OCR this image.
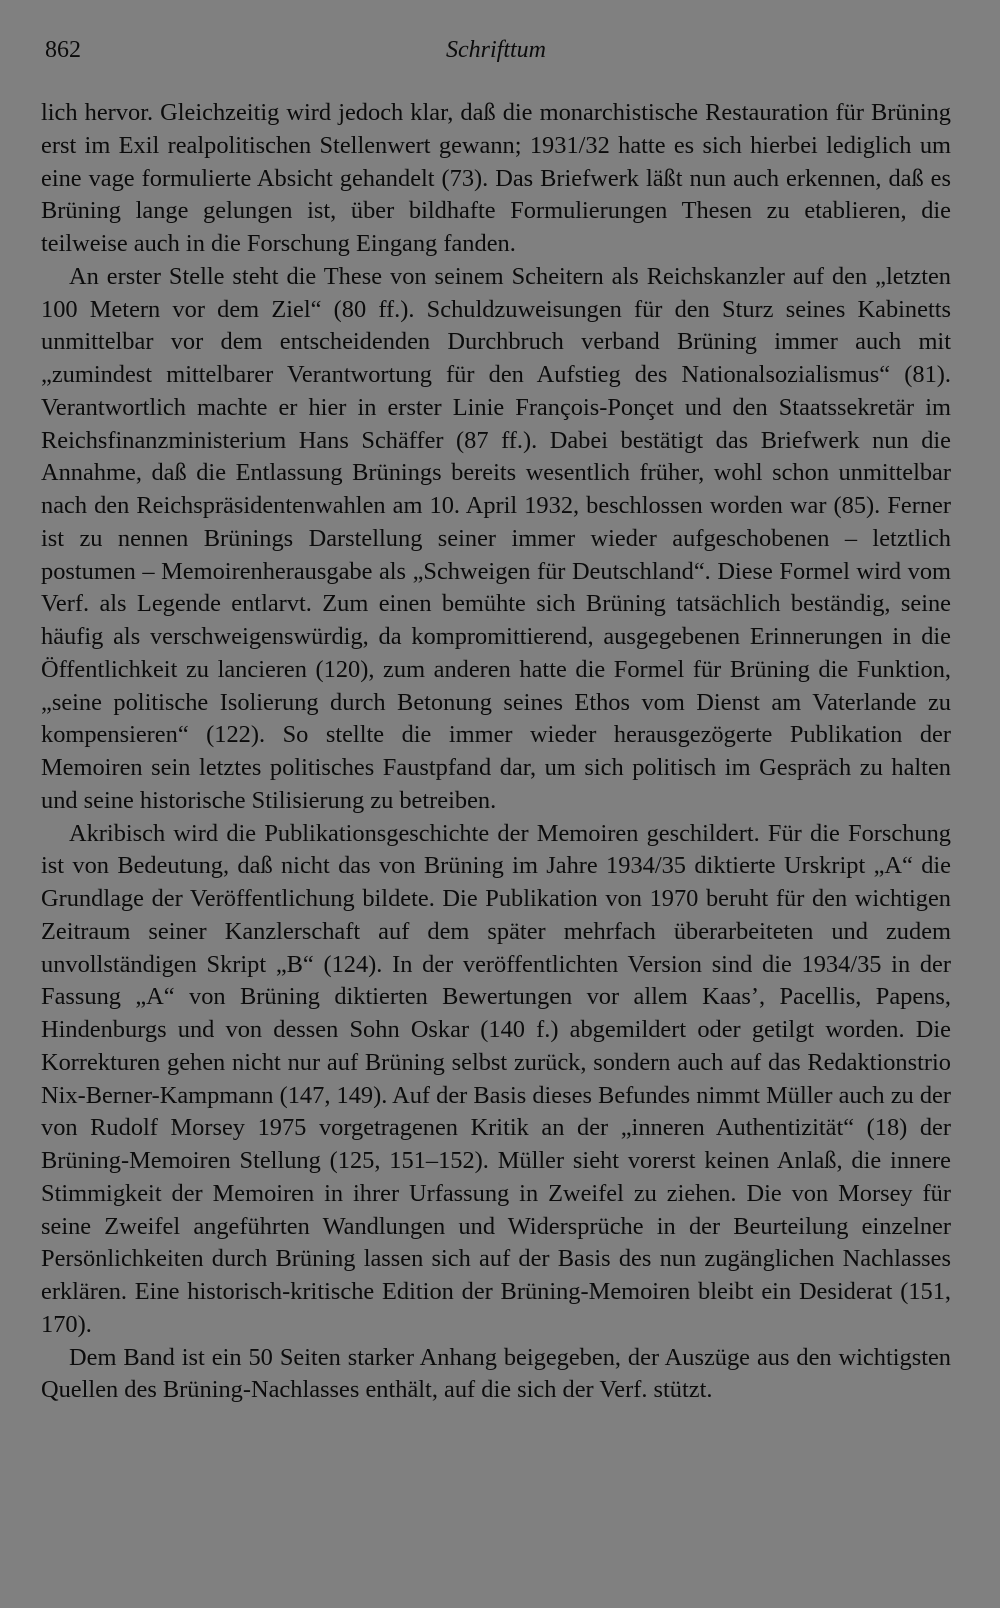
862	Schrifttum

lich hervor. Gleichzeitig wird jedoch klar, daß die monarchistische Restauration für Brüning erst im Exil realpolitischen Stellenwert gewann; 1931/32 hatte es sich hierbei lediglich um eine vage formulierte Absicht gehandelt (73). Das Briefwerk läßt nun auch erkennen, daß es Brüning lange gelungen ist, über bildhafte Formulierungen Thesen zu etablieren, die teilweise auch in die Forschung Eingang fanden.

An erster Stelle steht die These von seinem Scheitern als Reichskanzler auf den „letzten 100 Metern vor dem Ziel“ (80 ff.). Schuldzuweisungen für den Sturz seines Kabinetts unmittelbar vor dem entscheidenden Durchbruch verband Brüning immer auch mit „zumindest mittelbarer Verantwortung für den Aufstieg des Nationalsozialismus“ (81). Verantwortlich machte er hier in erster Linie François-Ponçet und den Staatssekretär im Reichsfinanzministerium Hans Schäffer (87 ff.). Dabei bestätigt das Briefwerk nun die Annahme, daß die Entlassung Brünings bereits wesentlich früher, wohl schon unmittelbar nach den Reichspräsidentenwahlen am 10. April 1932, beschlossen worden war (85). Ferner ist zu nennen Brünings Darstellung seiner immer wieder aufgeschobenen – letztlich postumen – Memoirenherausgabe als „Schweigen für Deutschland“. Diese Formel wird vom Verf. als Legende entlarvt. Zum einen bemühte sich Brüning tatsächlich beständig, seine häufig als verschweigenswürdig, da kompromittierend, ausgegebenen Erinnerungen in die Öffentlichkeit zu lancieren (120), zum anderen hatte die Formel für Brüning die Funktion, „seine politische Isolierung durch Betonung seines Ethos vom Dienst am Vaterlande zu kompensieren“ (122). So stellte die immer wieder herausgezögerte Publikation der Memoiren sein letztes politisches Faustpfand dar, um sich politisch im Gespräch zu halten und seine historische Stilisierung zu betreiben.

Akribisch wird die Publikationsgeschichte der Memoiren geschildert. Für die Forschung ist von Bedeutung, daß nicht das von Brüning im Jahre 1934/35 diktierte Urskript „A“ die Grundlage der Veröffentlichung bildete. Die Publikation von 1970 beruht für den wichtigen Zeitraum seiner Kanzlerschaft auf dem später mehrfach überarbeiteten und zudem unvollständigen Skript „B“ (124). In der veröffentlichten Version sind die 1934/35 in der Fassung „A“ von Brüning diktierten Bewertungen vor allem Kaas’, Pacellis, Papens, Hindenburgs und von dessen Sohn Oskar (140 f.) abgemildert oder getilgt worden. Die Korrekturen gehen nicht nur auf Brüning selbst zurück, sondern auch auf das Redaktionstrio Nix-Berner-Kampmann (147, 149). Auf der Basis dieses Befundes nimmt Müller auch zu der von Rudolf Morsey 1975 vorgetragenen Kritik an der „inneren Authentizität“ (18) der Brüning-Memoiren Stellung (125, 151–152). Müller sieht vorerst keinen Anlaß, die innere Stimmigkeit der Memoiren in ihrer Urfassung in Zweifel zu ziehen. Die von Morsey für seine Zweifel angeführten Wandlungen und Widersprüche in der Beurteilung einzelner Persönlichkeiten durch Brüning lassen sich auf der Basis des nun zugänglichen Nachlasses erklären. Eine historisch-kritische Edition der Brüning-Memoiren bleibt ein Desiderat (151, 170).

Dem Band ist ein 50 Seiten starker Anhang beigegeben, der Auszüge aus den wichtigsten Quellen des Brüning-Nachlasses enthält, auf die sich der Verf. stützt.
